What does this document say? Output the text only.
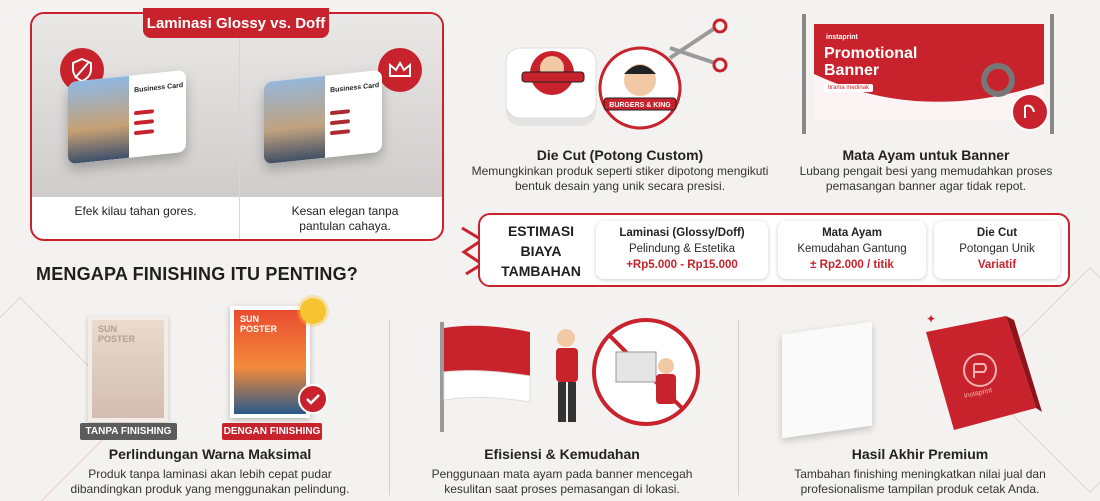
Business Card	Business Card
Efek kilau tahan gores.	Kesan elegan tanpa pantulan cahaya.
Laminasi Glossy vs. Doff
BURGERS & KING
Die Cut (Potong Custom)
Memungkinkan produk seperti stiker dipotong mengikuti bentuk desain yang unik secara presisi.
instaprint
Promotional
Banner
tirama medinak
Mata Ayam untuk Banner
Lubang pengait besi yang memudahkan proses pemasangan banner agar tidak repot.
ESTIMASI
BIAYA
TAMBAHAN
Laminasi (Glossy/Doff)
Pelindung & Estetika
+Rp5.000 - Rp15.000
Mata Ayam
Kemudahan Gantung
± Rp2.000 / titik
Die Cut
Potongan Unik
Variatif
MENGAPA FINISHING ITU PENTING?
SUN
POSTER
TANPA FINISHING
SUN
POSTER
DENGAN FINISHING
Perlindungan Warna Maksimal
Produk tanpa laminasi akan lebih cepat pudar
dibandingkan produk yang menggunakan pelindung.
Efisiensi & Kemudahan
Penggunaan mata ayam pada banner mencegah
kesulitan saat proses pemasangan di lokasi.
instaprint
✦
✦
Hasil Akhir Premium
Tambahan finishing meningkatkan nilai jual dan
profesionalisme tampilan produk cetak Anda.
